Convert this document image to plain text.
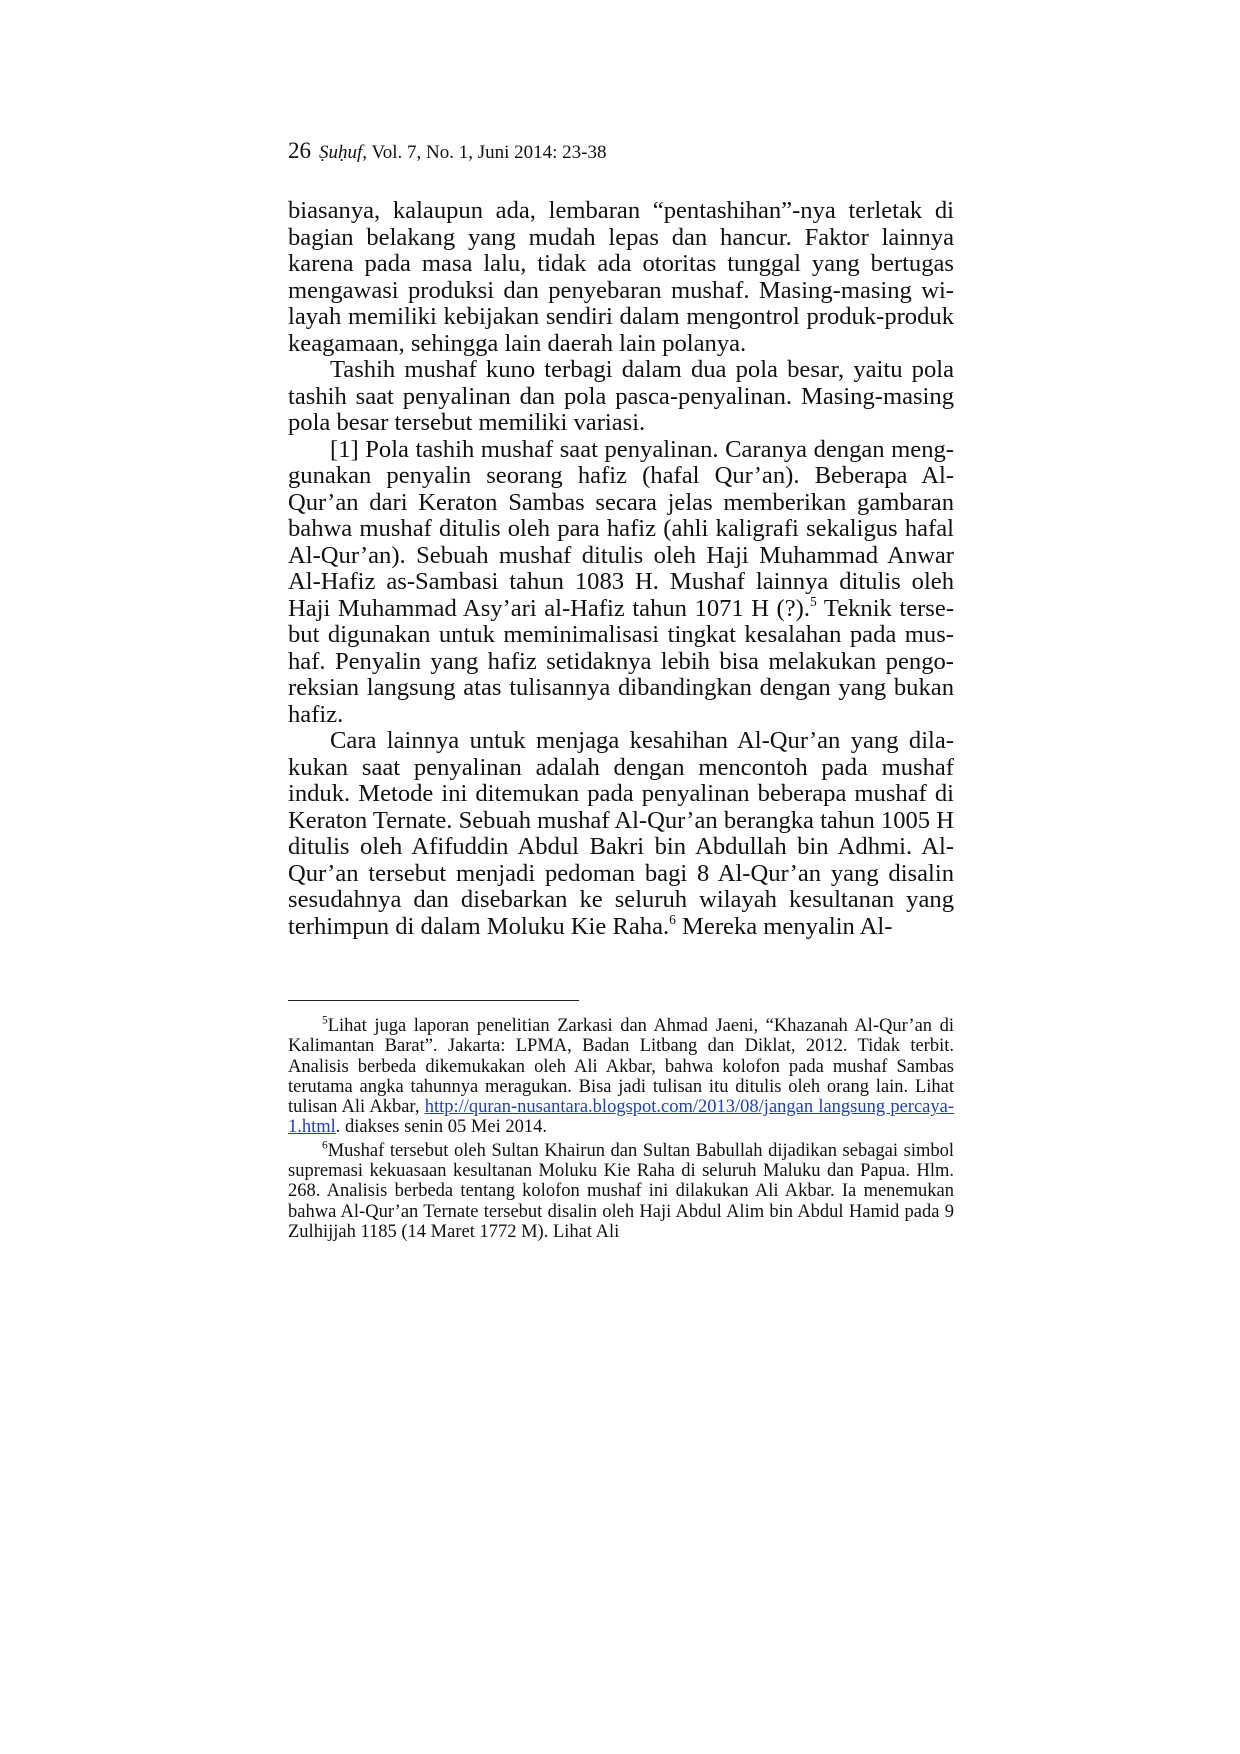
26 Ṣuḥuf, Vol. 7, No. 1, Juni 2014: 23-38

biasanya, kalaupun ada, lembaran “pentashihan”-nya terletak di bagian belakang yang mudah lepas dan hancur. Faktor lainnya karena pada masa lalu, tidak ada otoritas tunggal yang bertugas mengawasi produksi dan penyebaran mushaf. Masing-masing wilayah memiliki kebijakan sendiri dalam mengontrol produk-produk keagamaan, sehingga lain daerah lain polanya.

Tashih mushaf kuno terbagi dalam dua pola besar, yaitu pola tashih saat penyalinan dan pola pasca-penyalinan. Masing-masing pola besar tersebut memiliki variasi.

[1] Pola tashih mushaf saat penyalinan. Caranya dengan menggunakan penyalin seorang hafiz (hafal Qur’an). Beberapa Al-Qur’an dari Keraton Sambas secara jelas memberikan gambaran bahwa mushaf ditulis oleh para hafiz (ahli kaligrafi sekaligus hafal Al-Qur’an). Sebuah mushaf ditulis oleh Haji Muhammad Anwar Al-Hafiz as-Sambasi tahun 1083 H. Mushaf lainnya ditulis oleh Haji Muhammad Asy’ari al-Hafiz tahun 1071 H (?).$^5$ Teknik tersebut digunakan untuk meminimalisasi tingkat kesalahan pada mushaf. Penyalin yang hafiz setidaknya lebih bisa melakukan pengoreksian langsung atas tulisannya dibandingkan dengan yang bukan hafiz.

Cara lainnya untuk menjaga kesahihan Al-Qur’an yang dilakukan saat penyalinan adalah dengan mencontoh pada mushaf induk. Metode ini ditemukan pada penyalinan beberapa mushaf di Keraton Ternate. Sebuah mushaf Al-Qur’an berangka tahun 1005 H ditulis oleh Afifuddin Abdul Bakri bin Abdullah bin Adhmi. Al-Qur’an tersebut menjadi pedoman bagi 8 Al-Qur’an yang disalin sesudahnya dan disebarkan ke seluruh wilayah kesultanan yang terhimpun di dalam Moluku Kie Raha.$^6$ Mereka menyalin Al-

$^5$Lihat juga laporan penelitian Zarkasi dan Ahmad Jaeni, “Khazanah Al-Qur’an di Kalimantan Barat”. Jakarta: LPMA, Badan Litbang dan Diklat, 2012. Tidak terbit. Analisis berbeda dikemukakan oleh Ali Akbar, bahwa kolofon pada mushaf Sambas terutama angka tahunnya meragukan. Bisa jadi tulisan itu ditulis oleh orang lain. Lihat tulisan Ali Akbar, http://quran-nusantara.blogspot.com/2013/08/jangan langsung percaya-1.html. diakses senin 05 Mei 2014.

$^6$Mushaf tersebut oleh Sultan Khairun dan Sultan Babullah dijadikan sebagai simbol supremasi kekuasaan kesultanan Moluku Kie Raha di seluruh Maluku dan Papua. Hlm. 268. Analisis berbeda tentang kolofon mushaf ini dilakukan Ali Akbar. Ia menemukan bahwa Al-Qur’an Ternate tersebut disalin oleh Haji Abdul Alim bin Abdul Hamid pada 9 Zulhijjah 1185 (14 Maret 1772 M). Lihat Ali
